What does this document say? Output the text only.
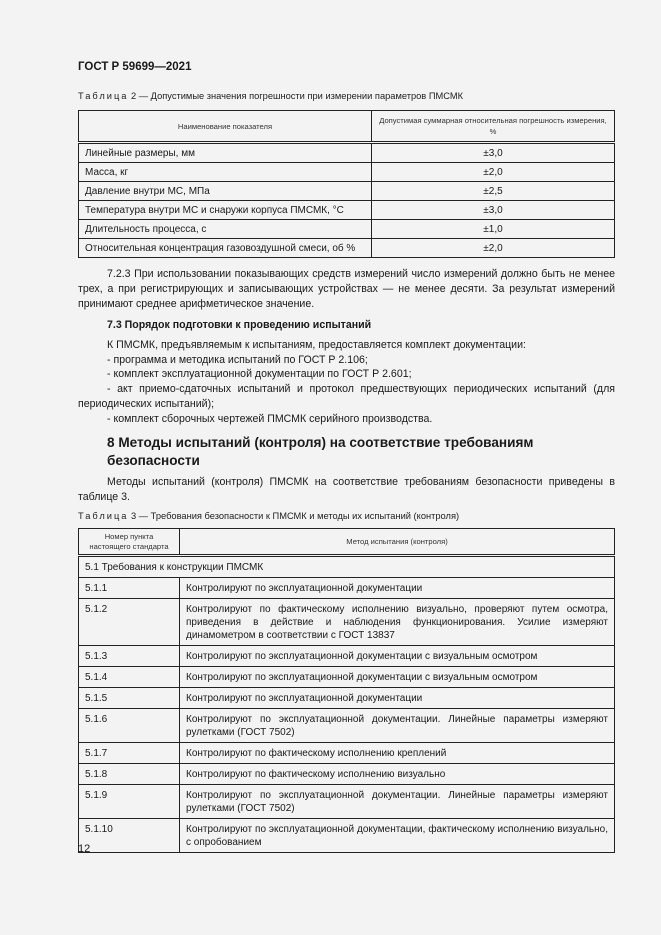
ГОСТ Р 59699—2021
Таблица 2 — Допустимые значения погрешности при измерении параметров ПМСМК
Наименование показателя	Допустимая суммарная относительная погрешность измерения, %
Линейные размеры, мм	±3,0
Масса, кг	±2,0
Давление внутри МС, МПа	±2,5
Температура внутри МС и снаружи корпуса ПМСМК, °С	±3,0
Длительность процесса, с	±1,0
Относительная концентрация газовоздушной смеси, об %	±2,0
7.2.3 При использовании показывающих средств измерений число измерений должно быть не менее трех, а при регистрирующих и записывающих устройствах — не менее десяти. За результат измерений принимают среднее арифметическое значение.

7.3 Порядок подготовки к проведению испытаний

К ПМСМК, предъявляемым к испытаниям, предоставляется комплект документации:

- программа и методика испытаний по ГОСТ Р 2.106;

- комплект эксплуатационной документации по ГОСТ Р 2.601;

- акт приемо-сдаточных испытаний и протокол предшествующих периодических испытаний (для периодических испытаний);

- комплект сборочных чертежей ПМСМК серийного производства.

8 Методы испытаний (контроля) на соответствие требованиям безопасности
Методы испытаний (контроля) ПМСМК на соответствие требованиям безопасности приведены в таблице 3.
Таблица 3 — Требования безопасности к ПМСМК и методы их испытаний (контроля)
Номер пункта настоящего стандарта	Метод испытания (контроля)
5.1 Требования к конструкции ПМСМК	
5.1.1	Контролируют по эксплуатационной документации
5.1.2	Контролируют по фактическому исполнению визуально, проверяют путем осмотра, приведения в действие и наблюдения функционирования. Усилие измеряют динамометром в соответствии с ГОСТ 13837
5.1.3	Контролируют по эксплуатационной документации с визуальным осмотром
5.1.4	Контролируют по эксплуатационной документации с визуальным осмотром
5.1.5	Контролируют по эксплуатационной документации
5.1.6	Контролируют по эксплуатационной документации. Линейные параметры измеряют рулетками (ГОСТ 7502)
5.1.7	Контролируют по фактическому исполнению креплений
5.1.8	Контролируют по фактическому исполнению визуально
5.1.9	Контролируют по эксплуатационной документации. Линейные параметры измеряют рулетками (ГОСТ 7502)
5.1.10	Контролируют по эксплуатационной документации, фактическому исполнению визуально, с опробованием
12
